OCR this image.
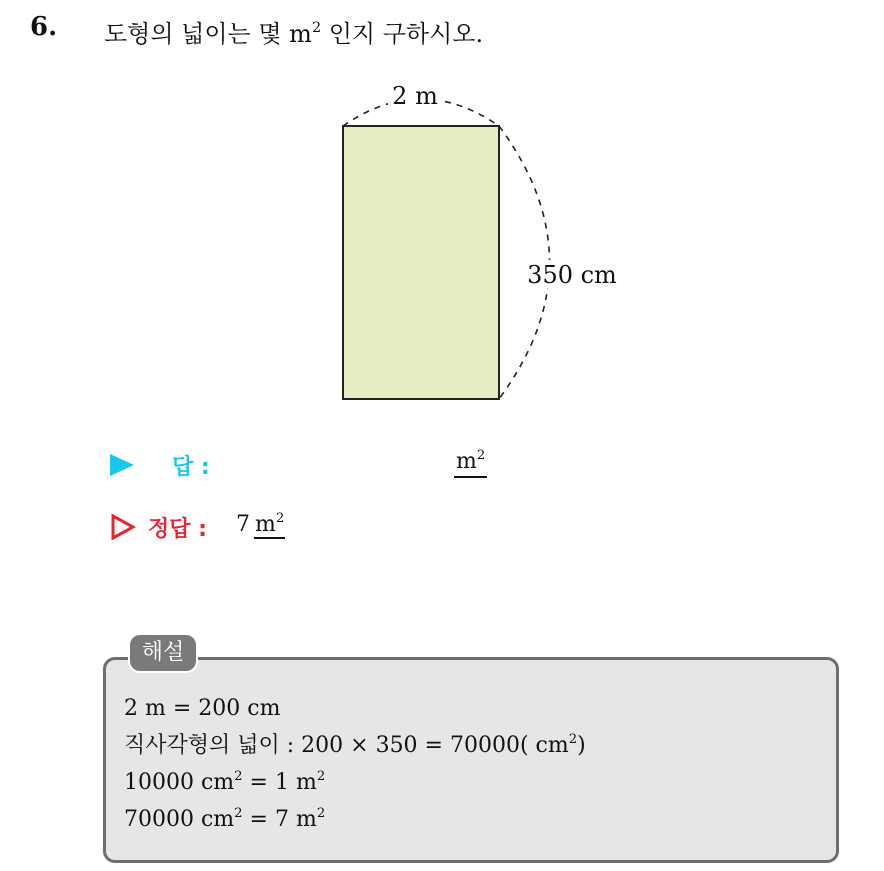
6. 도형의 넓이는 몇 $m^2$ 인지 구하시오.
2 m
350 cm
답 :	$m^2$
정답 : 7 $m^2$
해설
2 m = 200 cm
직사각형의 넓이 : 200 × 350 = 70000( $cm^2$)
10000 $cm^2 = 1$ $m^2$
70000 $cm^2 = 7$ $m^2$
